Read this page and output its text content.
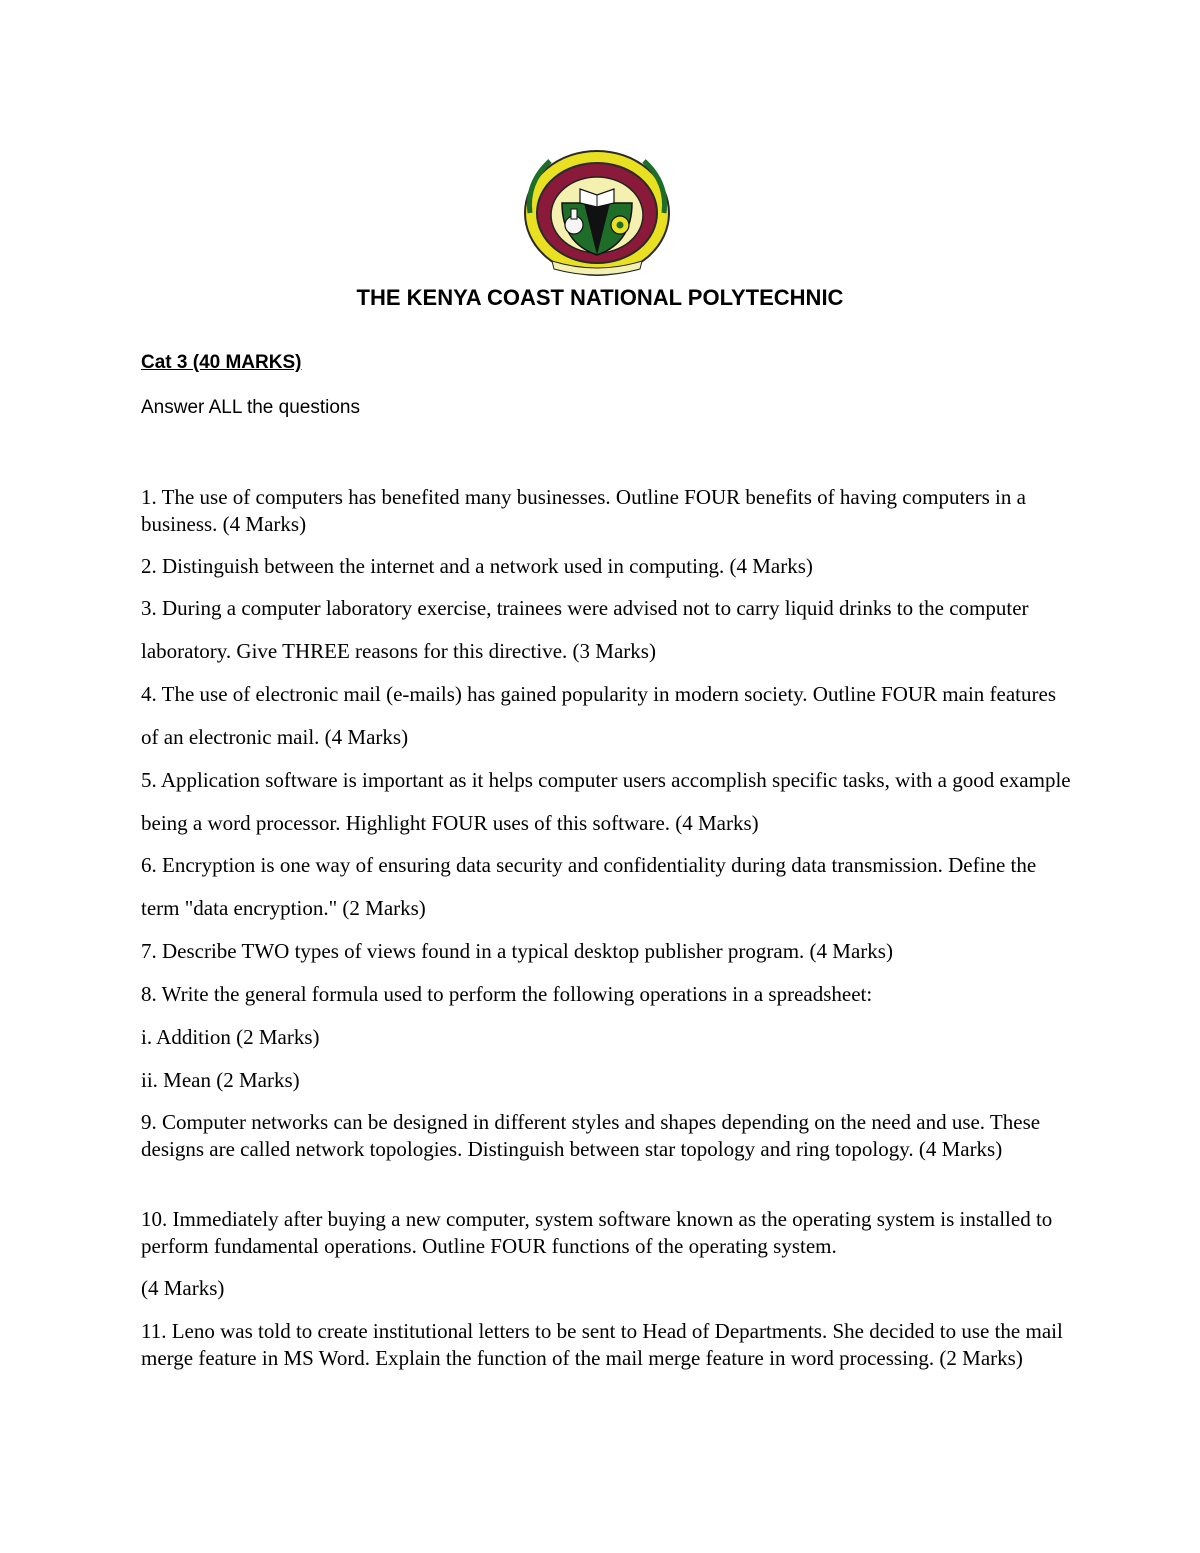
THE KENYA COAST NATIONAL POLYTECHNIC
Cat 3 (40 MARKS)
Answer ALL the questions
1. The use of computers has benefited many businesses. Outline FOUR benefits of having computers in a business. (4 Marks)
2. Distinguish between the internet and a network used in computing. (4 Marks)
3. During a computer laboratory exercise, trainees were advised not to carry liquid drinks to the computer laboratory. Give THREE reasons for this directive. (3 Marks)
4. The use of electronic mail (e-mails) has gained popularity in modern society. Outline FOUR main features of an electronic mail. (4 Marks)
5. Application software is important as it helps computer users accomplish specific tasks, with a good example being a word processor. Highlight FOUR uses of this software. (4 Marks)
6. Encryption is one way of ensuring data security and confidentiality during data transmission. Define the term "data encryption." (2 Marks)
7. Describe TWO types of views found in a typical desktop publisher program. (4 Marks)
8. Write the general formula used to perform the following operations in a spreadsheet:
i. Addition (2 Marks)
ii. Mean (2 Marks)
9. Computer networks can be designed in different styles and shapes depending on the need and use. These designs are called network topologies. Distinguish between star topology and ring topology. (4 Marks)
10. Immediately after buying a new computer, system software known as the operating system is installed to perform fundamental operations. Outline FOUR functions of the operating system.
(4 Marks)
11. Leno was told to create institutional letters to be sent to Head of Departments. She decided to use the mail merge feature in MS Word. Explain the function of the mail merge feature in word processing. (2 Marks)
